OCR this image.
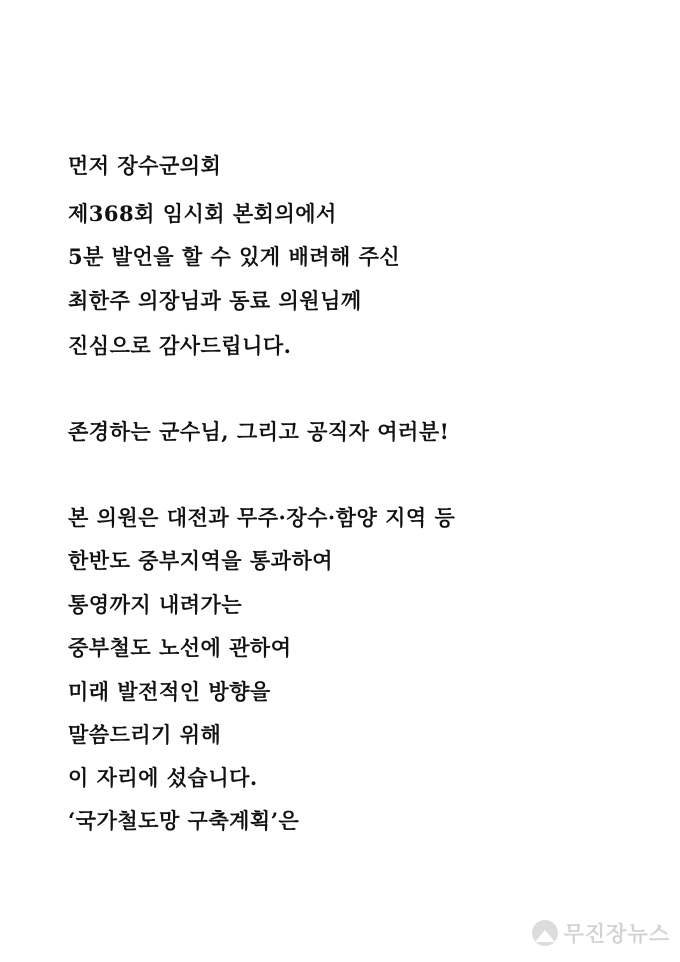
먼저 장수군의회
제368회 임시회 본회의에서
5분 발언을 할 수 있게 배려해 주신
최한주 의장님과 동료 의원님께
진심으로 감사드립니다.
존경하는 군수님, 그리고 공직자 여러분!
본 의원은 대전과 무주·장수·함양 지역 등
한반도 중부지역을 통과하여
통영까지 내려가는
중부철도 노선에 관하여
미래 발전적인 방향을
말씀드리기 위해
이 자리에 섰습니다.
‘국가철도망 구축계획’은
무진장뉴스
